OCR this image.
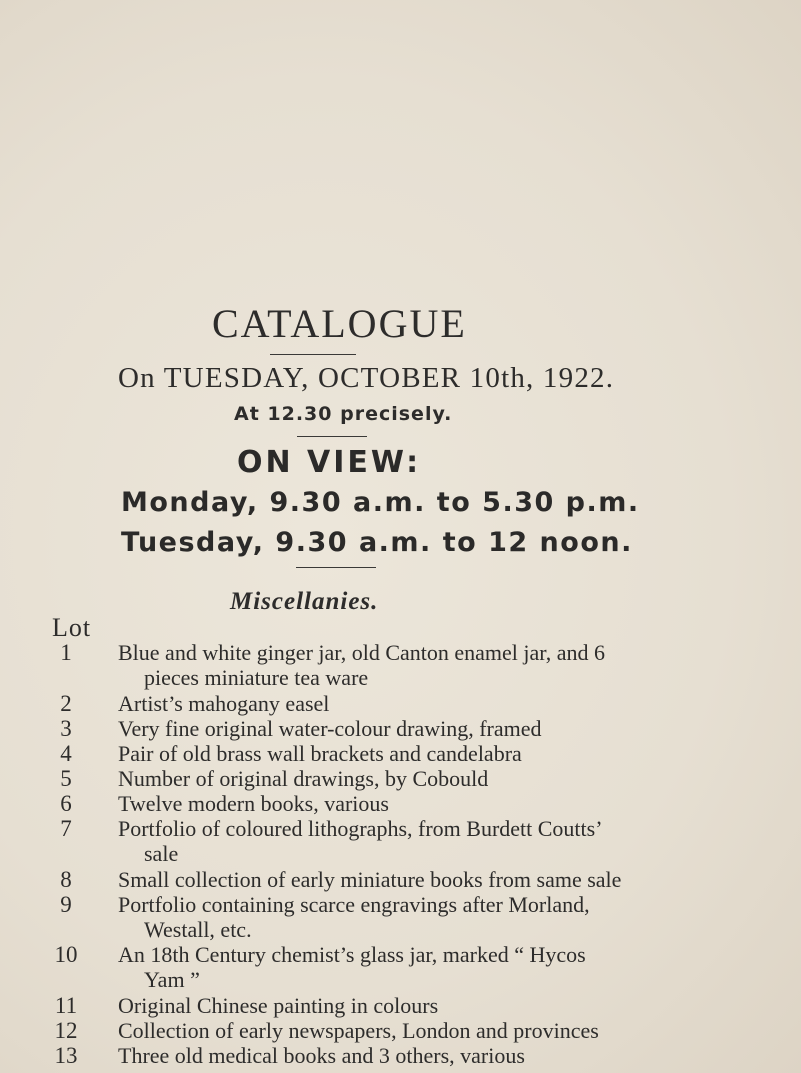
CATALOGUE
On TUESDAY, OCTOBER 10th, 1922.
At 12.30 precisely.
ON VIEW:
Monday, 9.30 a.m. to 5.30 p.m.
Tuesday, 9.30 a.m. to 12 noon.
Miscellanies.
Lot
1	Blue and white ginger jar, old Canton enamel jar, and 6
pieces miniature tea ware
2	Artist’s mahogany easel
3	Very fine original water-colour drawing, framed
4	Pair of old brass wall brackets and candelabra
5	Number of original drawings, by Cobould
6	Twelve modern books, various
7	Portfolio of coloured lithographs, from Burdett Coutts’
sale
8	Small collection of early miniature books from same sale
9	Portfolio containing scarce engravings after Morland,
Westall, etc.
10 An 18th Century chemist’s glass jar, marked “ Hycos
Yam ”
11 Original Chinese painting in colours
12 Collection of early newspapers, London and provinces
13 Three old medical books and 3 others, various
